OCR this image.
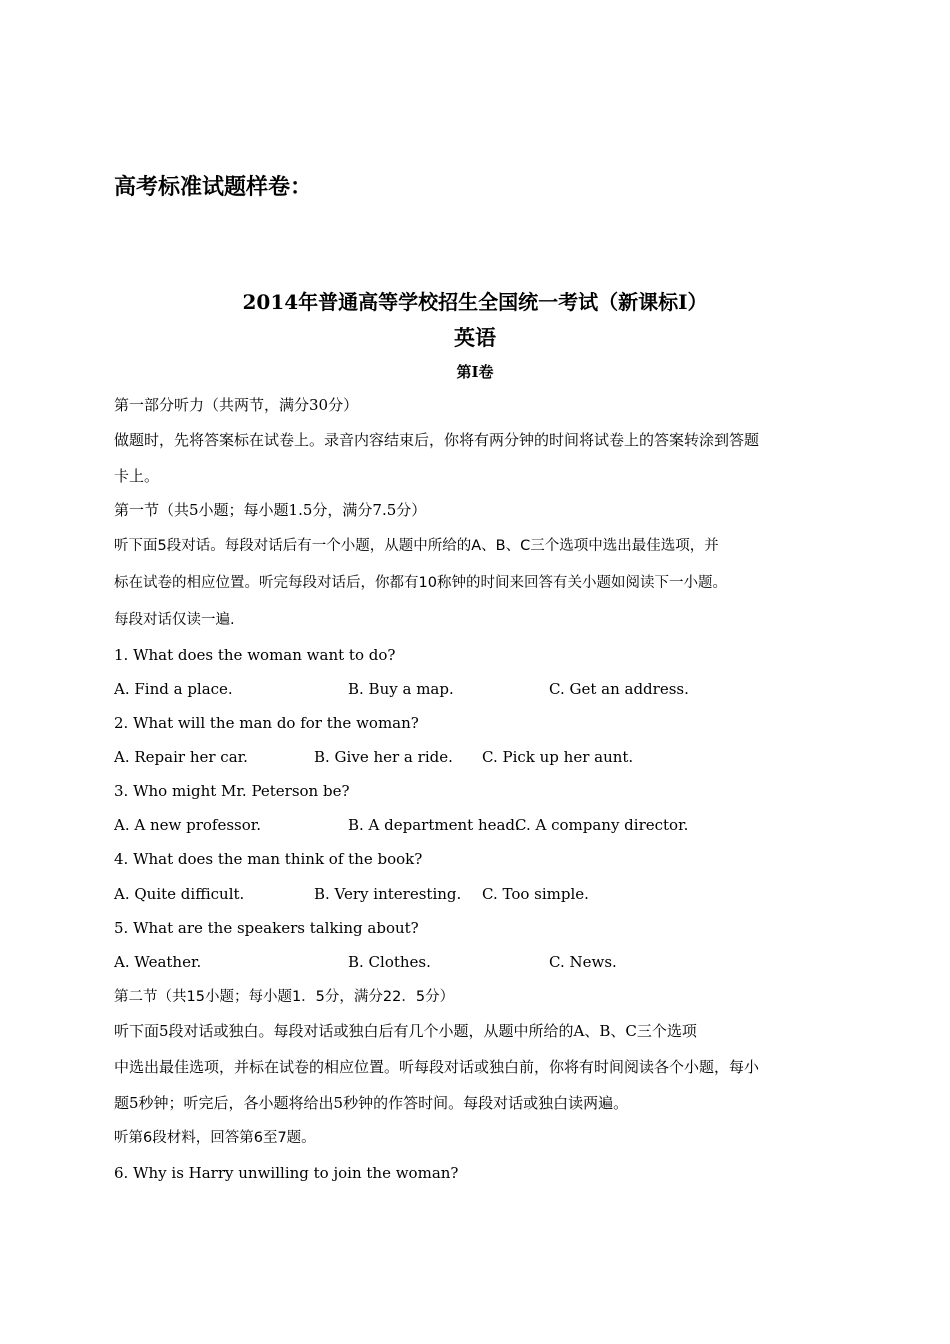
高考标准试题样卷：
2014年普通高等学校招生全国统一考试（新课标I）
英语
第I卷
第一部分听力（共两节，满分30分）
做题时，先将答案标在试卷上。录音内容结束后，你将有两分钟的时间将试卷上的答案转涂到答题
卡上。
第一节（共5小题；每小题1.5分，满分7.5分）
听下面5段对话。每段对话后有一个小题，从题中所给的A、B、C三个选项中选出最佳选项，并
标在试卷的相应位置。听完每段对话后，你都有10称钟的时间来回答有关小题如阅读下一小题。
每段对话仅读一遍.
1. What does the woman want to do?
A. Find a place.	B. Buy a map.	C. Get an address.
2. What will the man do for the woman?
A. Repair her car.	B. Give her a ride. C. Pick up her aunt.
3. Who might Mr. Peterson be?
A. A new professor.	B. A department head.
C. A company director.
4. What does the man think of the book?
A. Quite difficult.	B. Very interesting. C. Too simple.
5. What are the speakers talking about?
A. Weather.	B. Clothes.	C. News.
第二节（共15小题；每小题1．5分，满分22．5分）
听下面5段对话或独白。每段对话或独白后有几个小题，从题中所给的A、B、C三个选项
中选出最佳选项，并标在试卷的相应位置。听每段对话或独白前，你将有时间阅读各个小题，每小
题5秒钟；听完后，各小题将给出5秒钟的作答时间。每段对话或独白读两遍。
听第6段材料，回答第6至7题。
6. Why is Harry unwilling to join the woman?
